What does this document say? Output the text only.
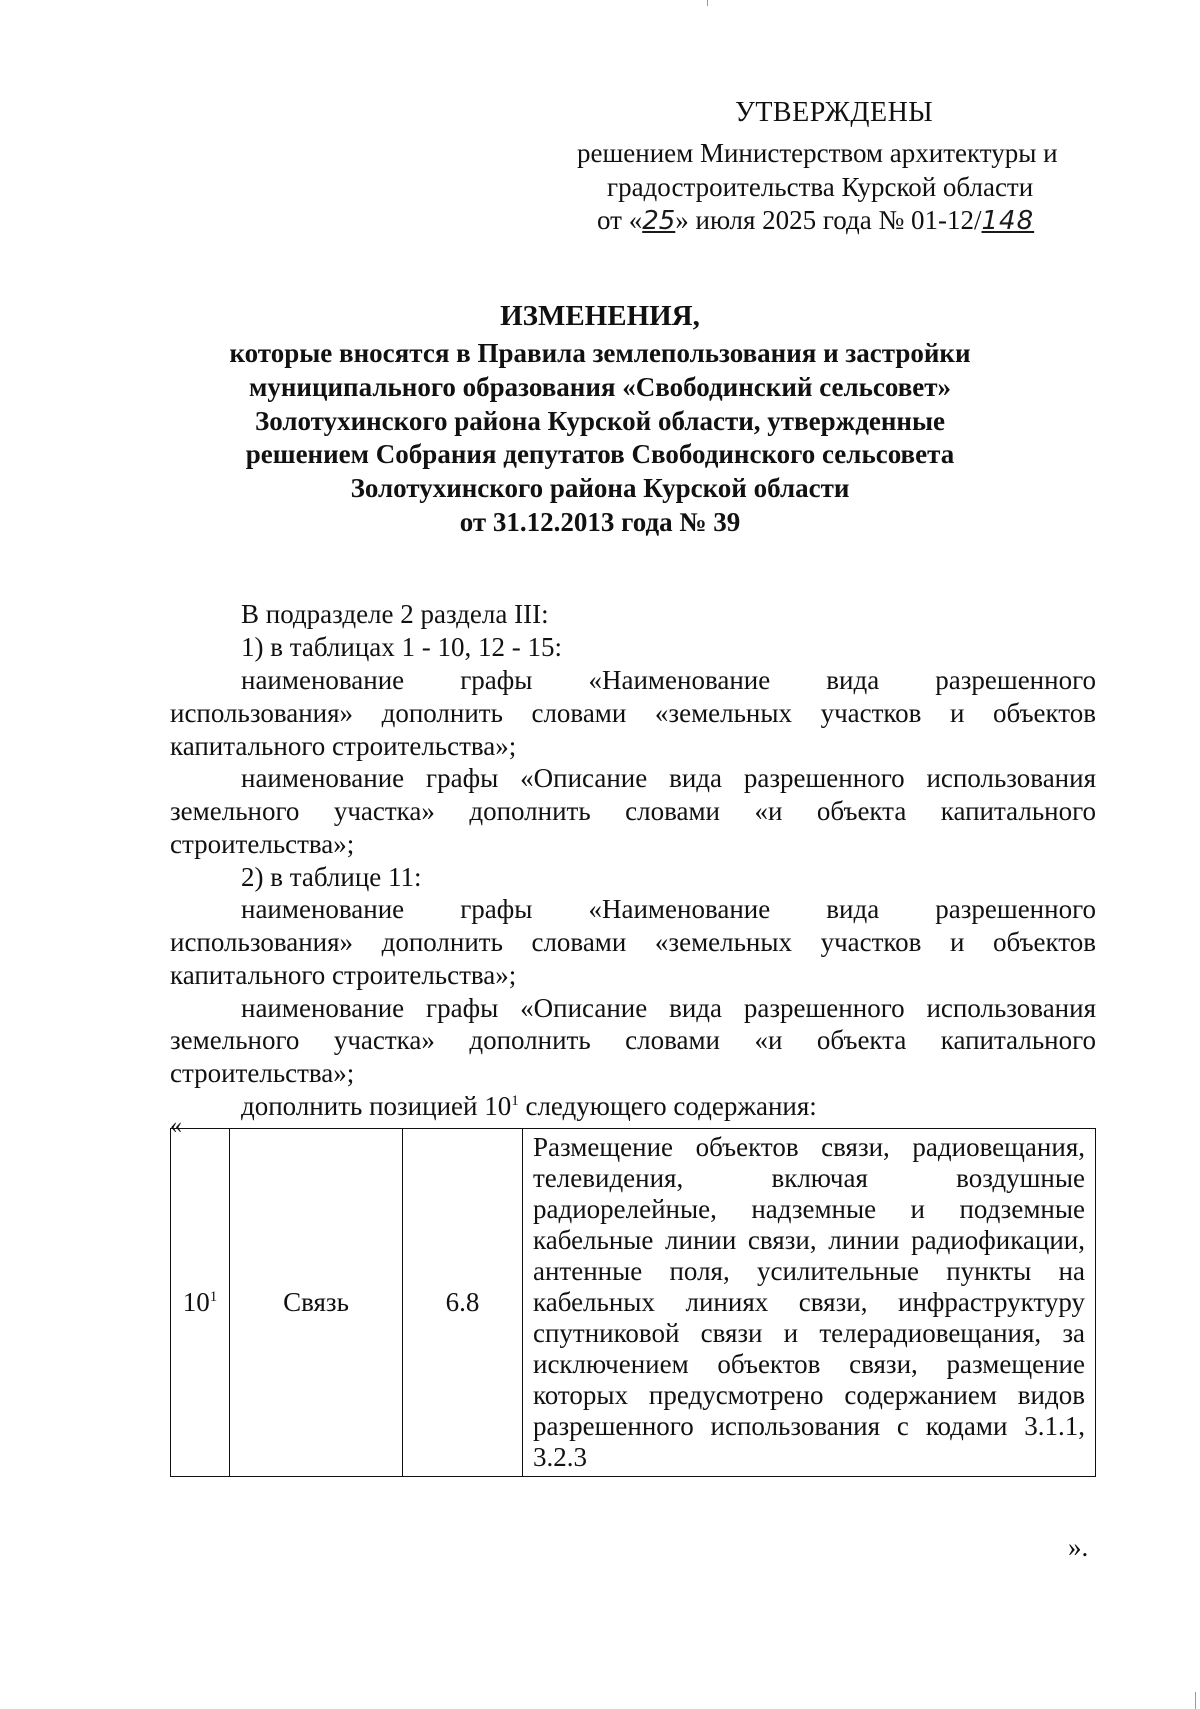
УТВЕРЖДЕНЫ
решением Министерством архитектуры и
градостроительства Курской области
от «25» июля 2025 года № 01-12/148
ИЗМЕНЕНИЯ,
которые вносятся в Правила землепользования и застройки
муниципального образования «Свободинский сельсовет»
Золотухинского района Курской области, утвержденные
решением Собрания депутатов Свободинского сельсовета
Золотухинского района Курской области
от 31.12.2013 года № 39
В подразделе 2 раздела III:
1) в таблицах 1 - 10, 12 - 15:
наименование графы «Наименование вида разрешенного
использования» дополнить словами «земельных участков и объектов
капитального строительства»;
наименование графы «Описание вида разрешенного использования
земельного участка» дополнить словами «и объекта капитального
строительства»;
2) в таблице 11:
наименование графы «Наименование вида разрешенного
использования» дополнить словами «земельных участков и объектов
капитального строительства»;
наименование графы «Описание вида разрешенного использования
земельного участка» дополнить словами «и объекта капитального
строительства»;
дополнить позицией $10^1$ следующего содержания:
«
$10^1$	Связь	6.8	Размещение объектов связи, радиовещания, телевидения, включая воздушные радиорелейные, надземные и подземные кабельные линии связи, линии радиофикации, антенные поля, усилительные пункты на кабельных линиях связи, инфраструктуру спутниковой связи и телерадиовещания, за исключением объектов связи, размещение которых предусмотрено содержанием видов разрешенного использования с кодами 3.1.1, 3.2.3
».
